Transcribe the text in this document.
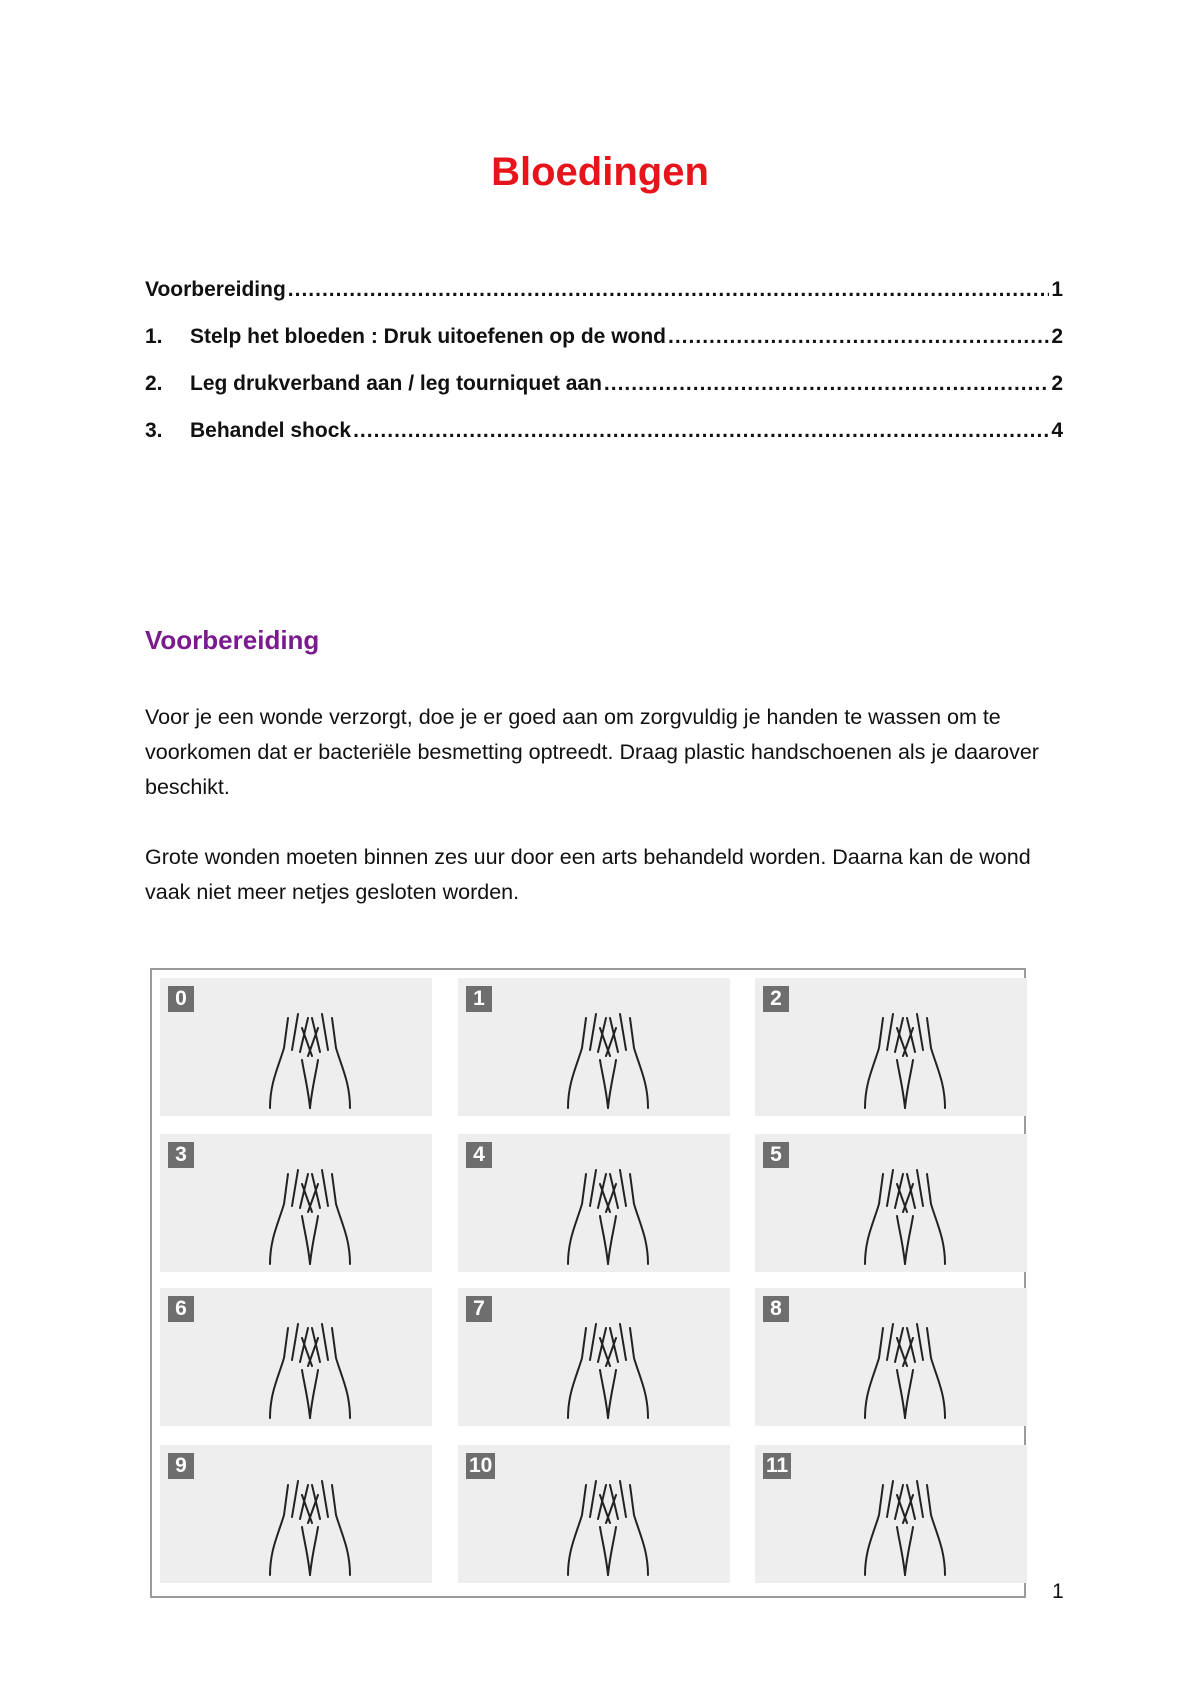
Bloedingen
Voorbereiding .....	1
1.	Stelp het bloeden : Druk uitoefenen op de wond .....	2
2.	Leg drukverband aan / leg tourniquet aan .....	2
3.	Behandel shock .....	4
Voorbereiding

Voor je een wonde verzorgt, doe je er goed aan om zorgvuldig je handen te wassen om te voorkomen dat er bacteriële besmetting optreedt. Draag plastic handschoenen als je daarover beschikt.

Grote wonden moeten binnen zes uur door een arts behandeld worden. Daarna kan de wond vaak niet meer netjes gesloten worden.

0	1	2
3	4	5
6	7	8
9	10	11
1
